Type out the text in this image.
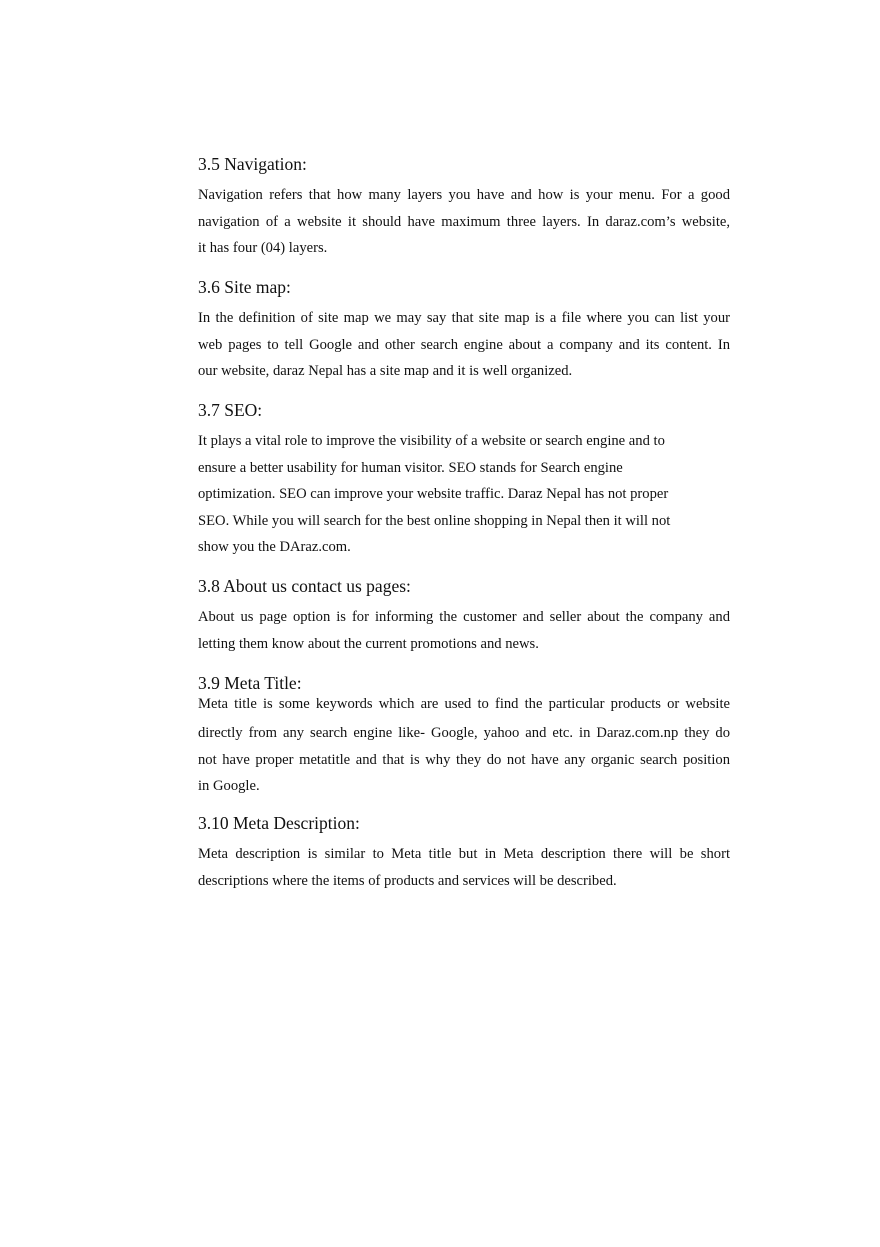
3.5 Navigation:

Navigation refers that how many layers you have and how is your menu. For a good

navigation of a website it should have maximum three layers. In daraz.com’s website,

it has four (04) layers.

3.6 Site map:

In the definition of site map we may say that site map is a file where you can list your

web pages to tell Google and other search engine about a company and its content. In

our website, daraz Nepal has a site map and it is well organized.

3.7 SEO:

It plays a vital role to improve the visibility of a website or search engine and to

ensure a better usability for human visitor. SEO stands for Search engine

optimization. SEO can improve your website traffic. Daraz Nepal has not proper

SEO. While you will search for the best online shopping in Nepal then it will not

show you the DAraz.com.

3.8 About us contact us pages:

About us page option is for informing the customer and seller about the company and

letting them know about the current promotions and news.

3.9 Meta Title:

Meta title is some keywords which are used to find the particular products or website

directly from any search engine like- Google, yahoo and etc. in Daraz.com.np they do

not have proper metatitle and that is why they do not have any organic search position

in Google.

3.10 Meta Description:

Meta description is similar to Meta title but in Meta description there will be short

descriptions where the items of products and services will be described.
